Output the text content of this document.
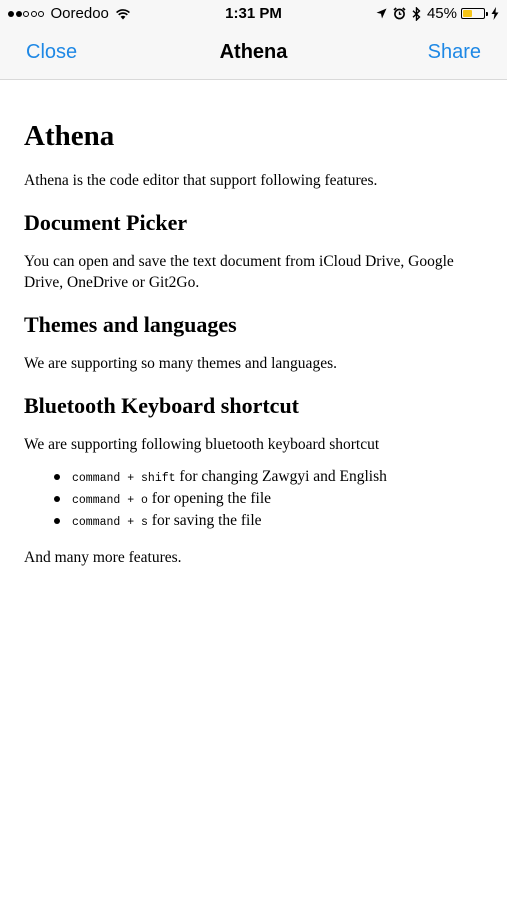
Ooredoo	1:31 PM	45%
Close	Athena	Share
Athena

Athena is the code editor that support following features.

Document Picker

You can open and save the text document from iCloud Drive, Google Drive, OneDrive or Git2Go.

Themes and languages

We are supporting so many themes and languages.

Bluetooth Keyboard shortcut

We are supporting following bluetooth keyboard shortcut

command + shift for changing Zawgyi and English
command + o for opening the file
command + s for saving the file

And many more features.
